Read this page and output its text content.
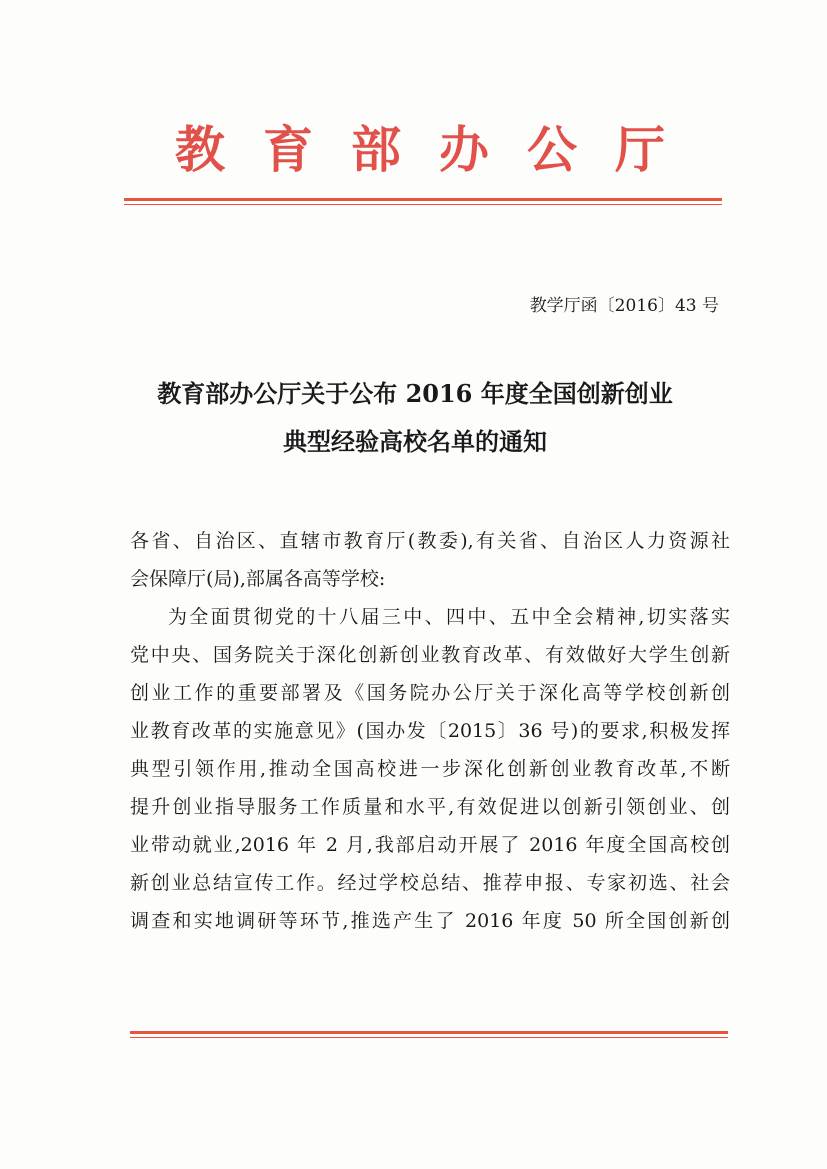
教育部办公厅
教学厅函〔2016〕43 号
教育部办公厅关于公布 2016 年度全国创新创业
典型经验高校名单的通知
各省、自治区、直辖市教育厅(教委),有关省、自治区人力资源社
会保障厅(局),部属各高等学校:
为全面贯彻党的十八届三中、四中、五中全会精神,切实落实
党中央、国务院关于深化创新创业教育改革、有效做好大学生创新
创业工作的重要部署及《国务院办公厅关于深化高等学校创新创
业教育改革的实施意见》(国办发〔2015〕36 号)的要求,积极发挥
典型引领作用,推动全国高校进一步深化创新创业教育改革,不断
提升创业指导服务工作质量和水平,有效促进以创新引领创业、创
业带动就业,2016 年 2 月,我部启动开展了 2016 年度全国高校创
新创业总结宣传工作。经过学校总结、推荐申报、专家初选、社会
调查和实地调研等环节,推选产生了 2016 年度 50 所全国创新创
